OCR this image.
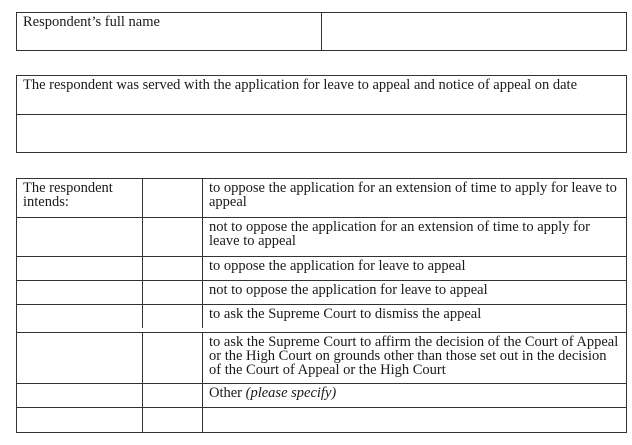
Respondent’s full name
The respondent was served with the application for leave to appeal and notice of appeal on date
The respondent intends:
to oppose the application for an extension of time to apply for leave to appeal
not to oppose the application for an extension of time to apply for leave to appeal
to oppose the application for leave to appeal
not to oppose the application for leave to appeal
to ask the Supreme Court to dismiss the appeal
to ask the Supreme Court to affirm the decision of the Court of Appeal or the High Court on grounds other than those set out in the decision of the Court of Appeal or the High Court
Other (please specify)
